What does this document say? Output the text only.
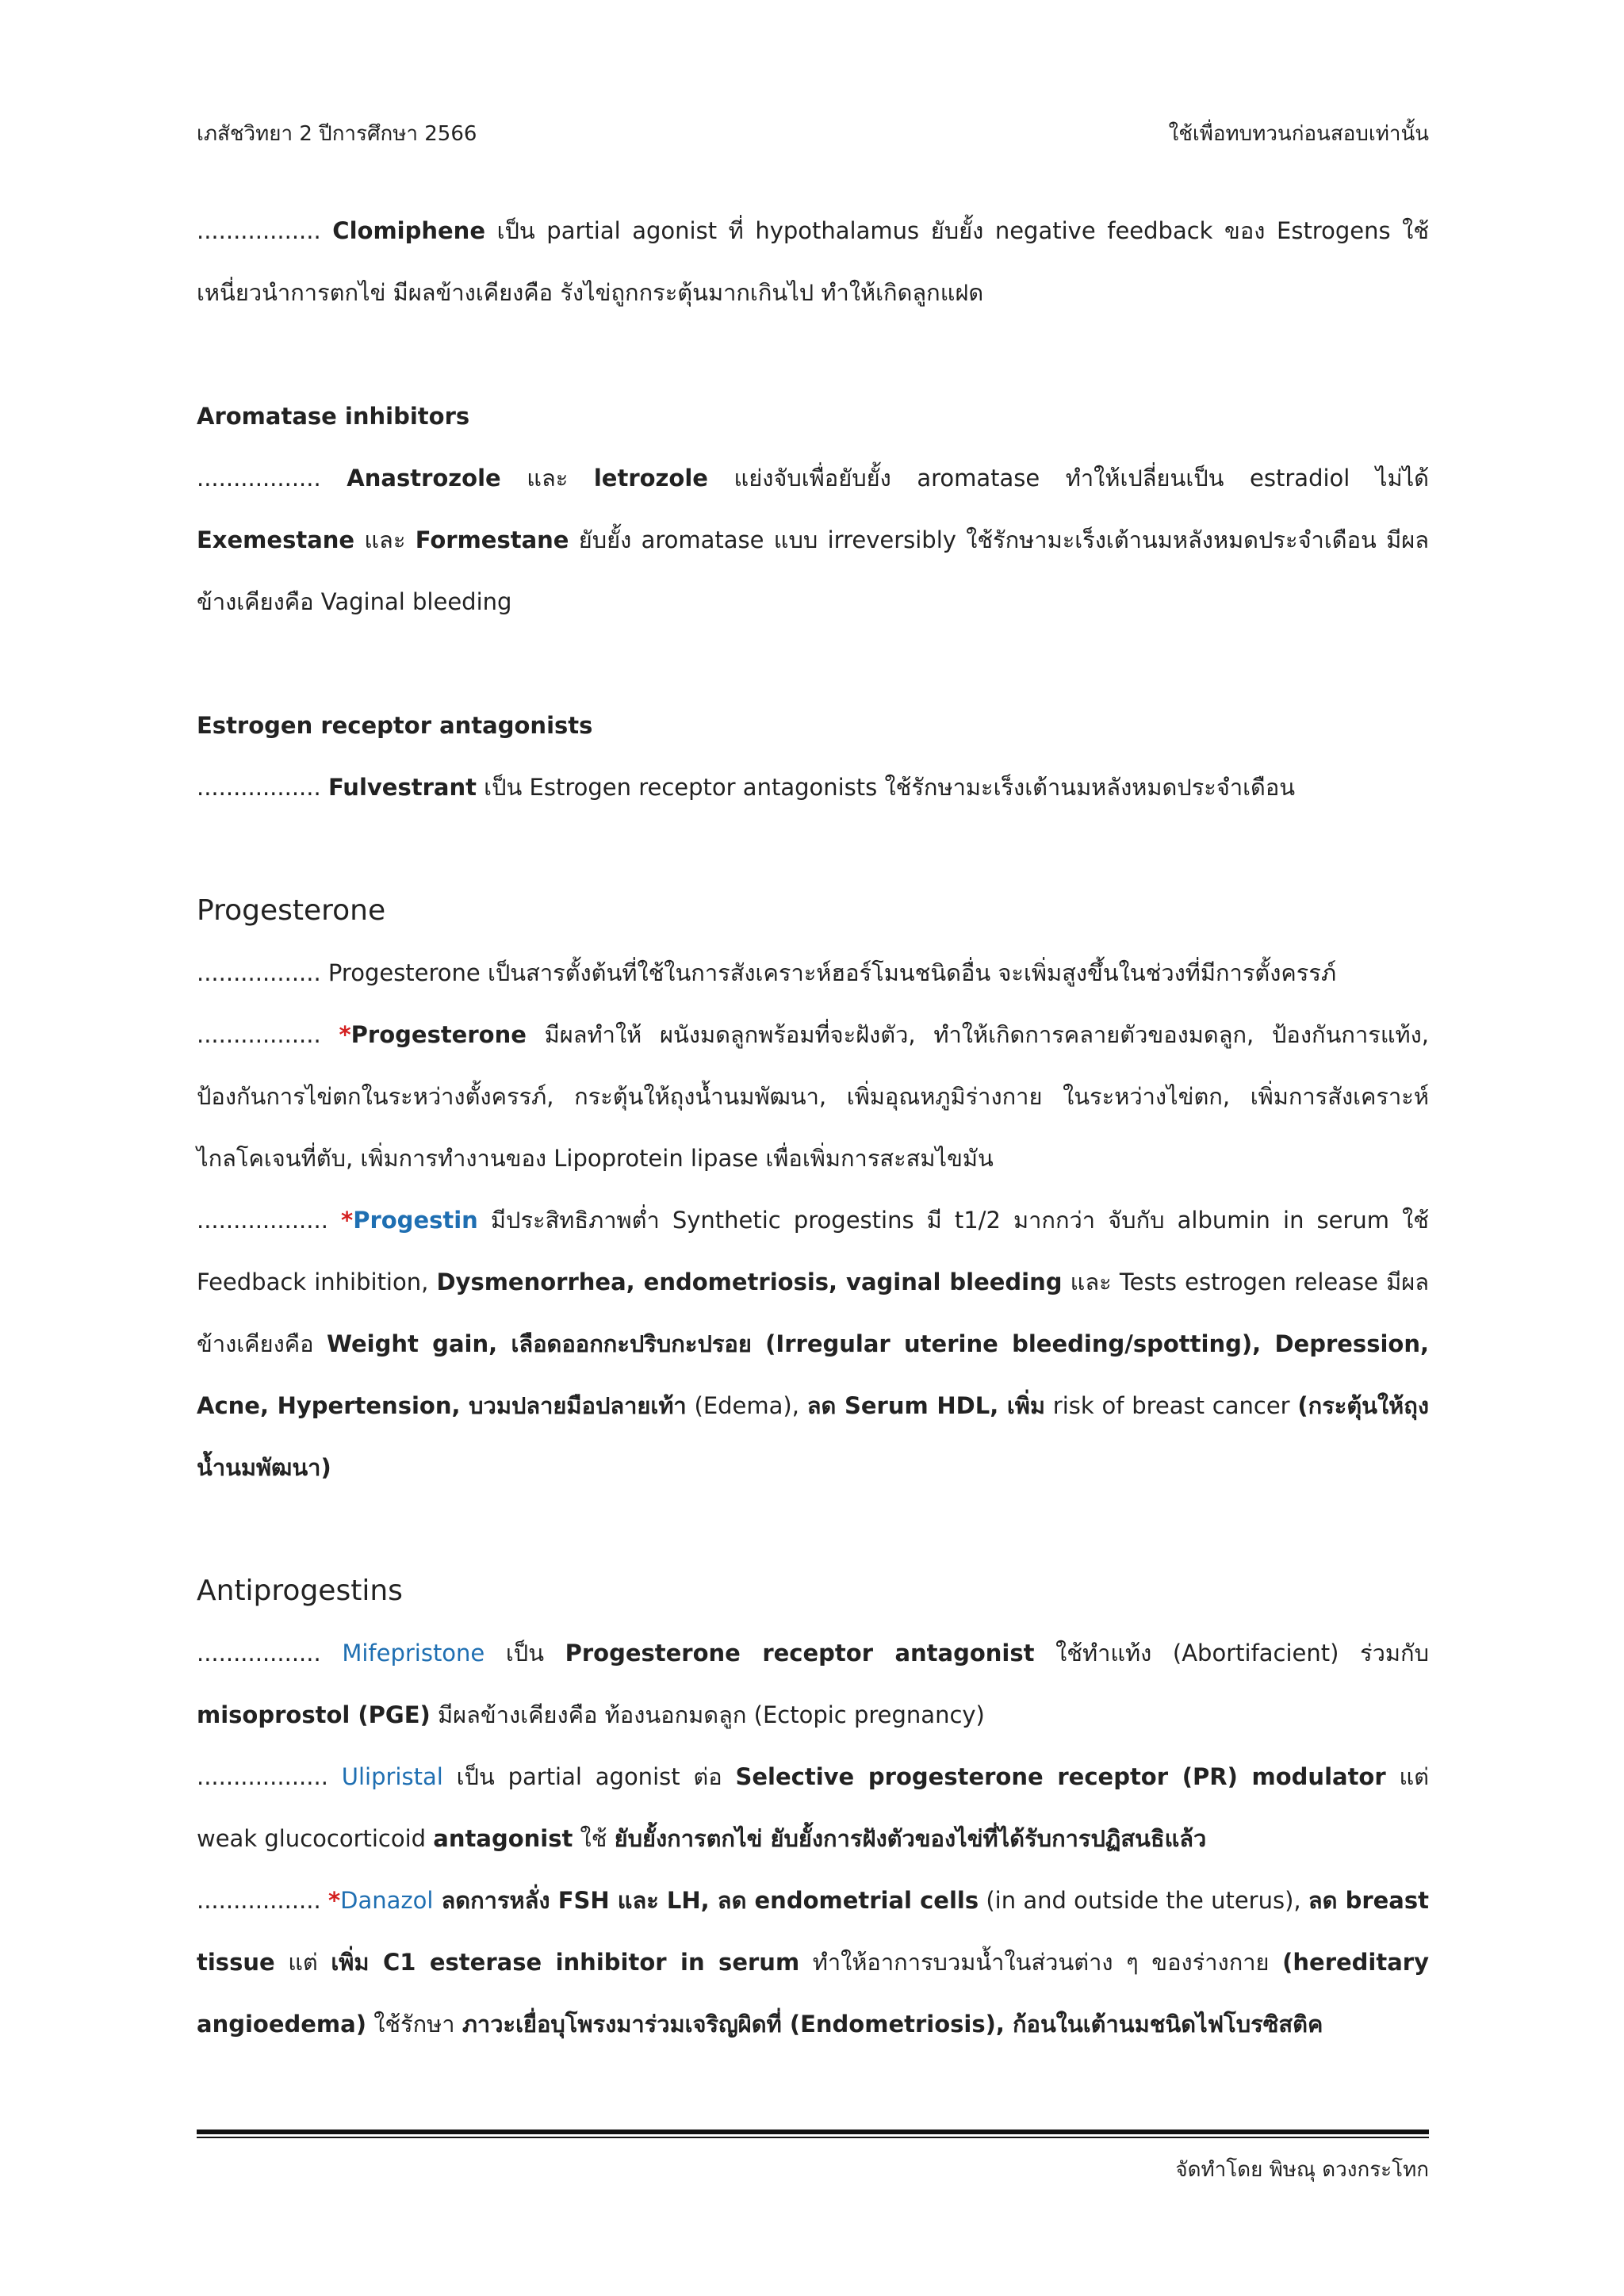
เภสัชวิทยา 2 ปีการศึกษา 2566	ใช้เพื่อทบทวนก่อนสอบเท่านั้น

................. Clomiphene เป็น partial agonist ที่ hypothalamus ยับยั้ง negative feedback ของ Estrogens ใช้เหนี่ยวนำการตกไข่ มีผลข้างเคียงคือ รังไข่ถูกกระตุ้นมากเกินไป ทำให้เกิดลูกแฝด

Aromatase inhibitors

................. Anastrozole และ letrozole แย่งจับเพื่อยับยั้ง aromatase ทำให้เปลี่ยนเป็น estradiol ไม่ได้ Exemestane และ Formestane ยับยั้ง aromatase แบบ irreversibly ใช้รักษามะเร็งเต้านมหลังหมดประจำเดือน มีผลข้างเคียงคือ Vaginal bleeding

Estrogen receptor antagonists

................. Fulvestrant เป็น Estrogen receptor antagonists ใช้รักษามะเร็งเต้านมหลังหมดประจำเดือน

Progesterone

................. Progesterone เป็นสารตั้งต้นที่ใช้ในการสังเคราะห์ฮอร์โมนชนิดอื่น จะเพิ่มสูงขึ้นในช่วงที่มีการตั้งครรภ์

................. *Progesterone มีผลทำให้ ผนังมดลูกพร้อมที่จะฝังตัว, ทำให้เกิดการคลายตัวของมดลูก, ป้องกันการแท้ง, ป้องกันการไข่ตกในระหว่างตั้งครรภ์, กระตุ้นให้ถุงน้ำนมพัฒนา, เพิ่มอุณหภูมิร่างกาย ในระหว่างไข่ตก, เพิ่มการสังเคราะห์ไกลโคเจนที่ตับ, เพิ่มการทำงานของ Lipoprotein lipase เพื่อเพิ่มการสะสมไขมัน

.................. *Progestin มีประสิทธิภาพต่ำ Synthetic progestins มี t1/2 มากกว่า จับกับ albumin in serum ใช้ Feedback inhibition, Dysmenorrhea, endometriosis, vaginal bleeding และ Tests estrogen release มีผลข้างเคียงคือ Weight gain, เลือดออกกะปริบกะปรอย (Irregular uterine bleeding/spotting), Depression, Acne, Hypertension, บวมปลายมือปลายเท้า (Edema), ลด Serum HDL, เพิ่ม risk of breast cancer (กระตุ้นให้ถุงน้ำนมพัฒนา)

Antiprogestins

................. Mifepristone เป็น Progesterone receptor antagonist ใช้ทำแท้ง (Abortifacient) ร่วมกับ misoprostol (PGE) มีผลข้างเคียงคือ ท้องนอกมดลูก (Ectopic pregnancy)

.................. Ulipristal เป็น partial agonist ต่อ Selective progesterone receptor (PR) modulator แต่ weak glucocorticoid antagonist ใช้ ยับยั้งการตกไข่ ยับยั้งการฝังตัวของไข่ที่ได้รับการปฏิสนธิแล้ว

................. *Danazol ลดการหลั่ง FSH และ LH, ลด endometrial cells (in and outside the uterus), ลด breast tissue แต่ เพิ่ม C1 esterase inhibitor in serum ทำให้อาการบวมน้ำในส่วนต่าง ๆ ของร่างกาย (hereditary angioedema) ใช้รักษา ภาวะเยื่อบุโพรงมาร่วมเจริญผิดที่ (Endometriosis), ก้อนในเต้านมชนิดไฟโบรซิสติค

จัดทำโดย พิษณุ ดวงกระโทก
